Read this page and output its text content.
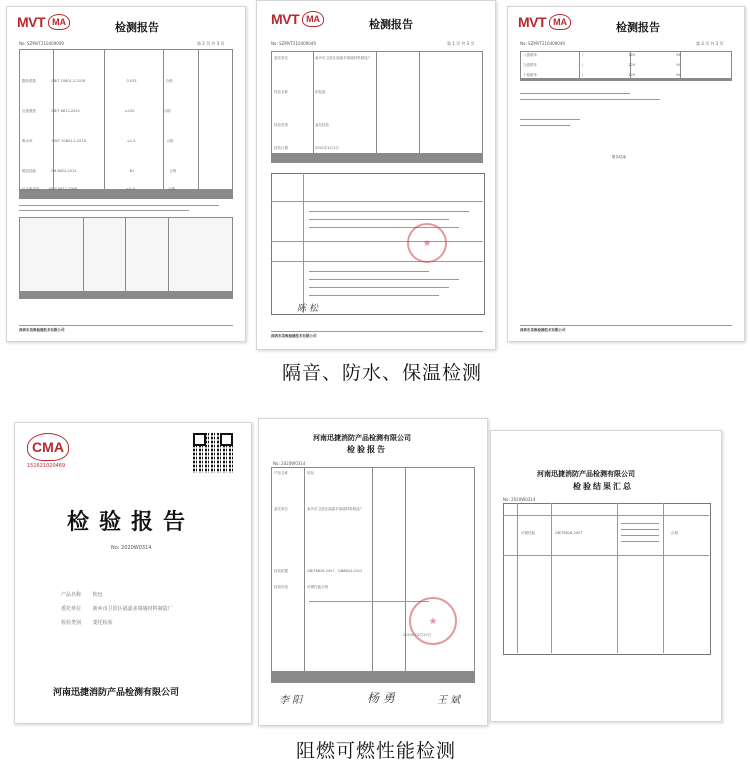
MVT MA	检测报告
No: SZMVT210409049	第 2 页 共 3 页

隔热系数	GB/T 10801.2-2018	0.033	合格
压缩强度	GB/T 8813-2020	≥150	合格
吸水率	GB/T 10801.2-2018	≤1.5	合格
燃烧性能	GB 8624-2012	B1	合格
尺寸稳定性	GB/T 8811-2008	≤2.0	合格

深圳市美维检测技术有限公司
MVT MA	检测报告
No: SZMVT210409049	第 1 页 共 3 页

委托单位	新乡市卫滨区福嘉多幕墙材料制造厂
样品名称	铝包板
检验类别	委托检验
检验日期	2021年4月1日
陈 松
深圳市美维检测技术有限公司
MVT MA	检测报告
No: SZMVT210409049	第 3 页 共 3 页

八溴联苯	/	120	94
九溴联苯	/	120	94
十溴联苯	/	120	94
报告结束
深圳市美维检测技术有限公司
隔音、防水、保温检测
CMA
151621020469
检验报告
No: 2020W0314
产品名称 软包
委托单位 新乡市卫滨区福嘉多幕墙材料制造厂
检验类别 委托检验
河南迅捷消防产品检测有限公司
河南迅捷消防产品检测有限公司
检验报告
No: 2020W0314

产品名称	软包
委托单位	新乡市卫滨区福嘉多幕墙材料制造厂
检验依据	GB/T8626-2007、GB8624-2012
检验结论	可燃性能合格
2020年02月27日
李 阳	杨 勇	王 斌
河南迅捷消防产品检测有限公司
检验结果汇总
No: 2020W0314
可燃性能	GB/T8626-2007	合格
阻燃可燃性能检测
